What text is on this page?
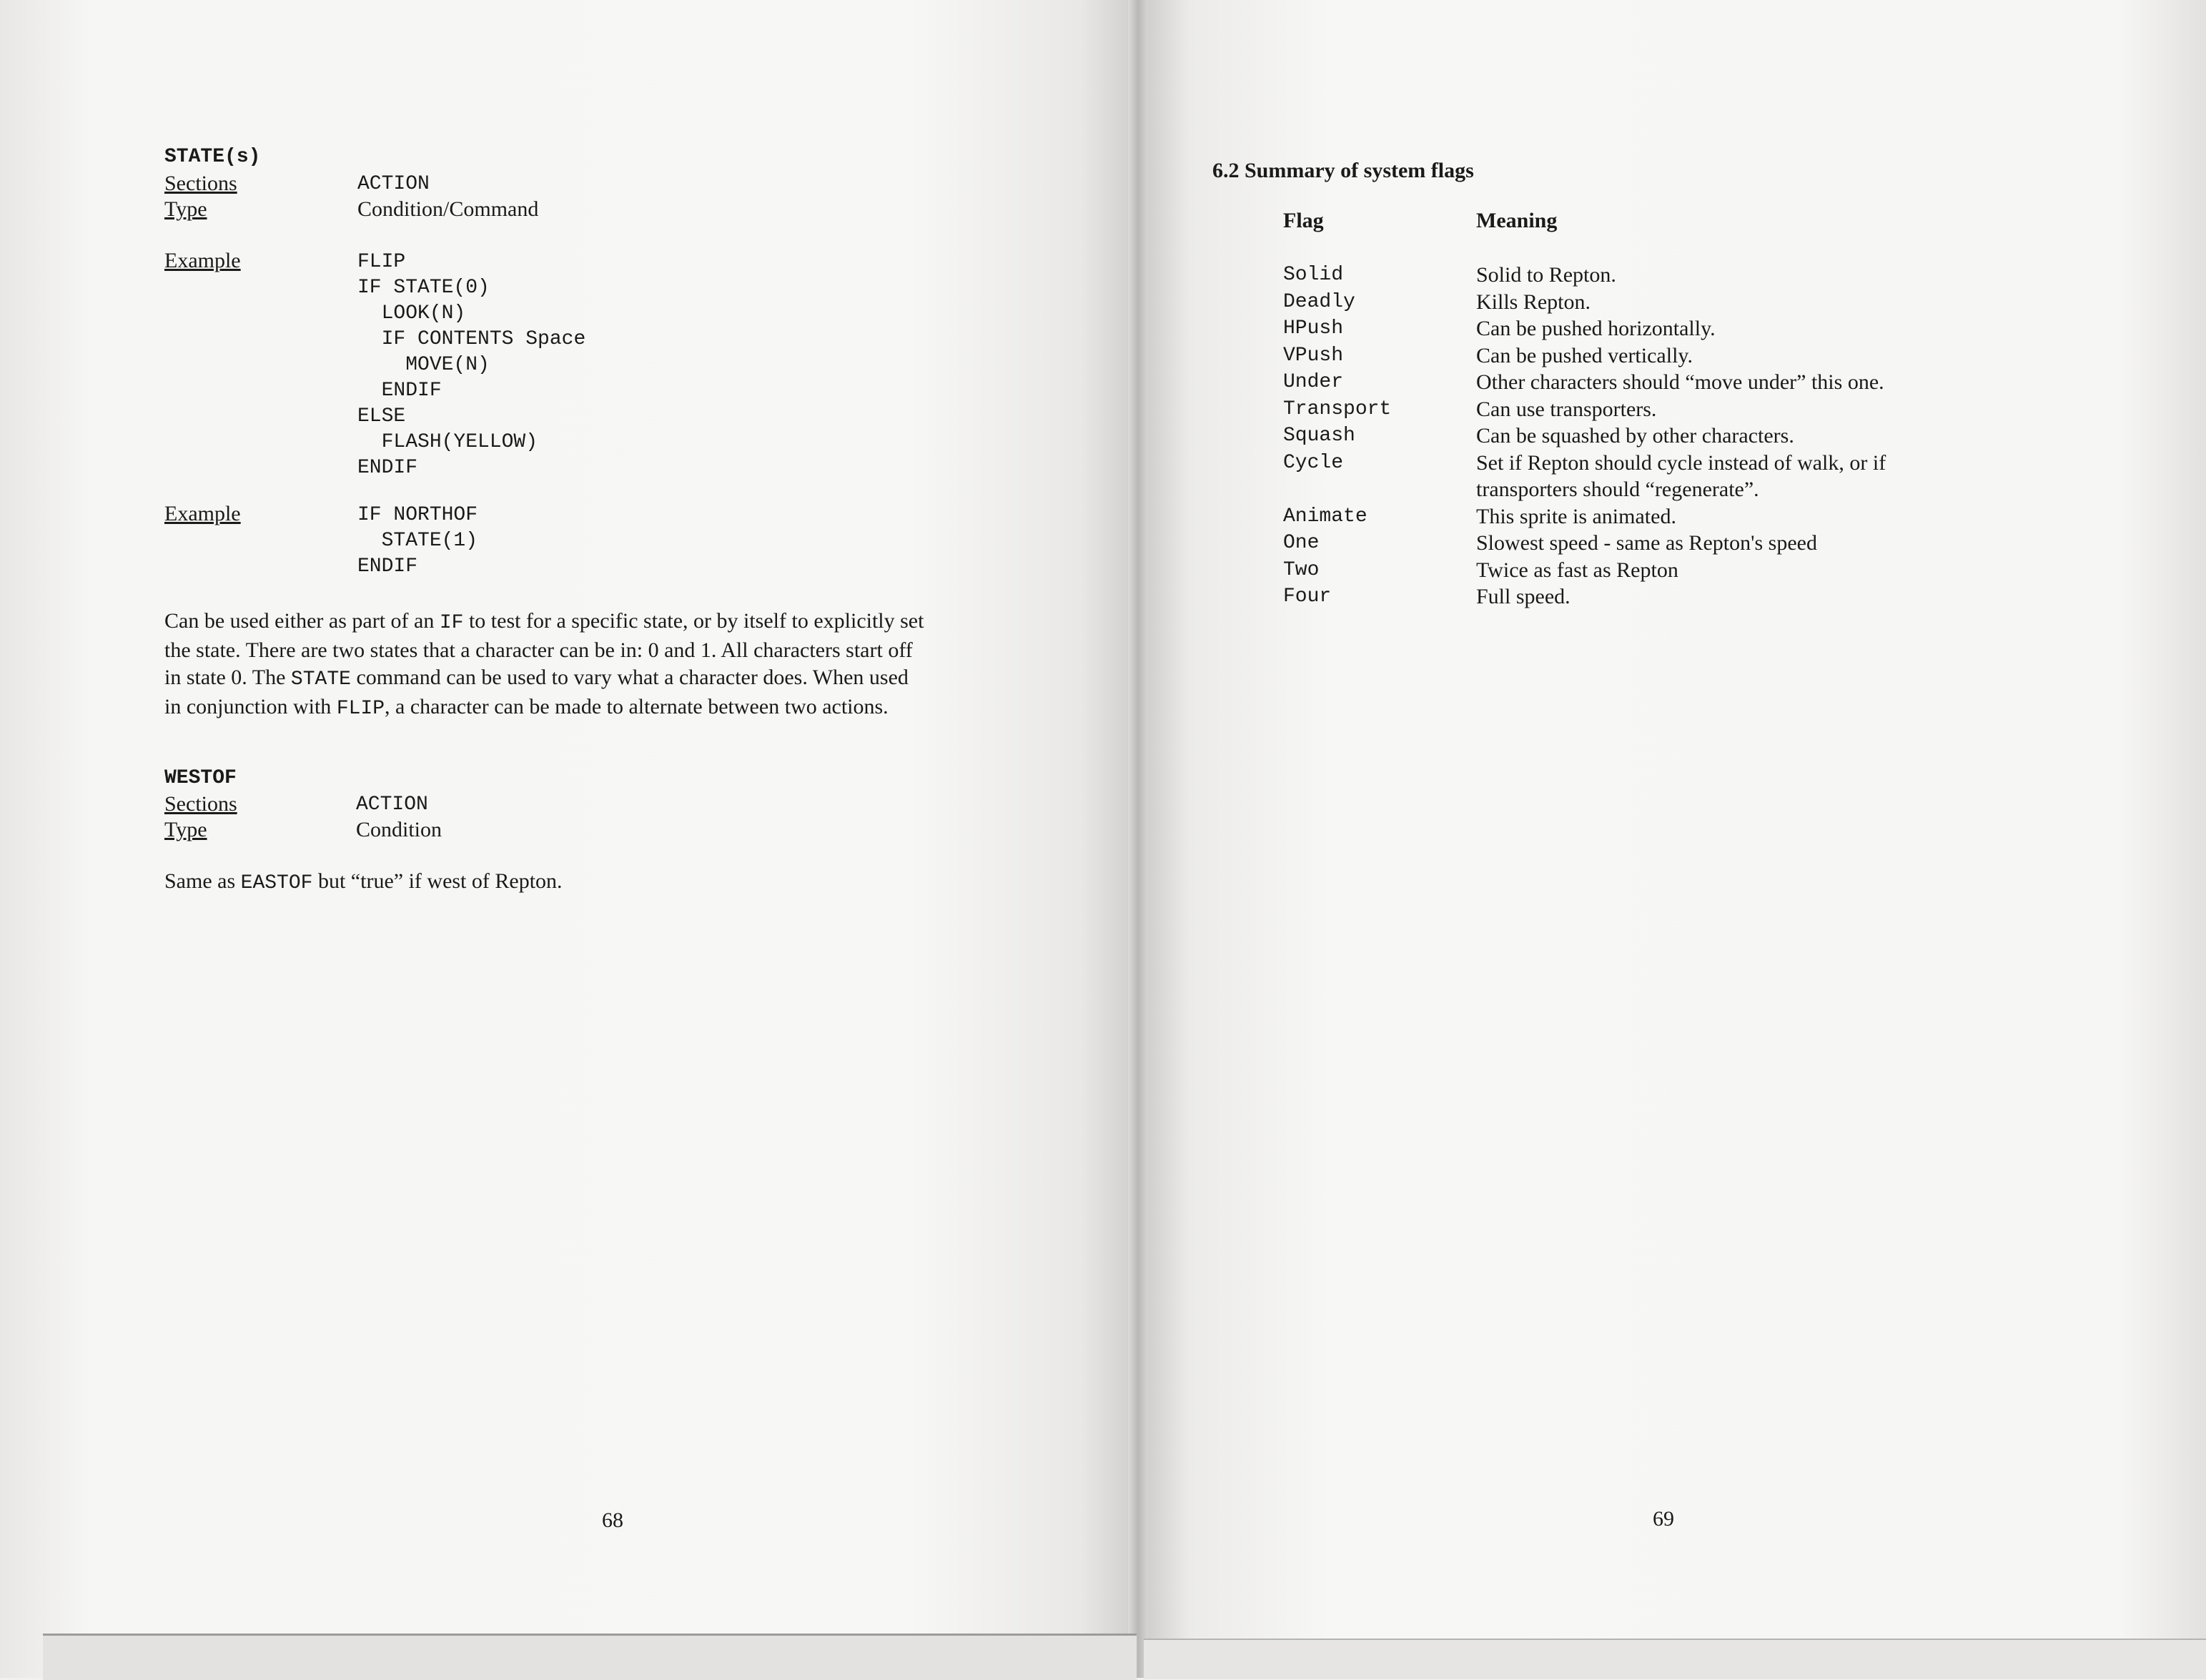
STATE(s)
Sections	ACTION
Type	Condition/Command
Example	FLIP
IF STATE(0)
LOOK(N)
IF CONTENTS Space
MOVE(N)
ENDIF
ELSE
FLASH(YELLOW)
ENDIF
Example	IF NORTHOF
STATE(1)
ENDIF
Can be used either as part of an IF to test for a specific state, or by itself to explicitly set
the state. There are two states that a character can be in: 0 and 1. All characters start off
in state 0. The STATE command can be used to vary what a character does. When used
in conjunction with FLIP, a character can be made to alternate between two actions.
WESTOF
Sections	ACTION
Type	Condition
Same as EASTOF but “true” if west of Repton.
68
6.2 Summary of system flags
Flag	Meaning
Solid	Solid to Repton.
Deadly	Kills Repton.
HPush	Can be pushed horizontally.
VPush	Can be pushed vertically.
Under	Other characters should “move under” this one.
Transport	Can use transporters.
Squash	Can be squashed by other characters.
Cycle	Set if Repton should cycle instead of walk, or if
transporters should “regenerate”.
Animate	This sprite is animated.
One	Slowest speed - same as Repton's speed
Two	Twice as fast as Repton
Four	Full speed.
69
